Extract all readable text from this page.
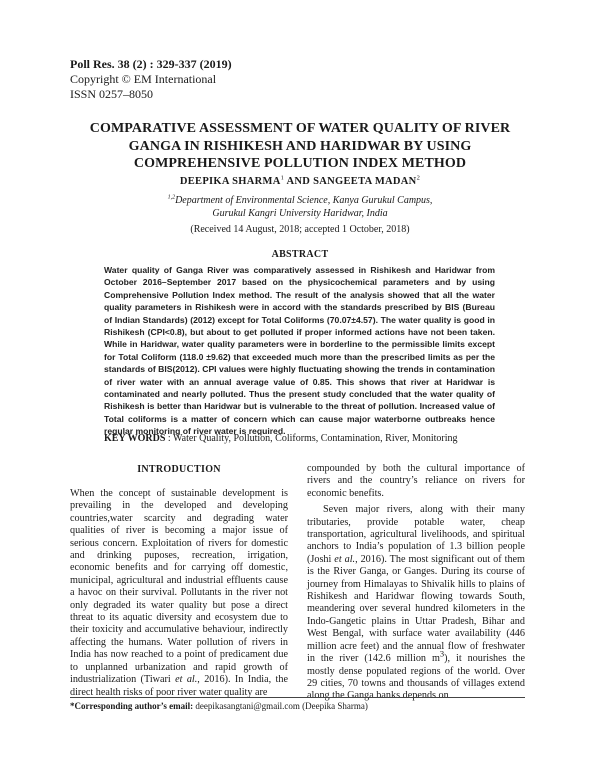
Poll Res. 38 (2) : 329-337 (2019)
Copyright © EM International
ISSN 0257–8050
COMPARATIVE ASSESSMENT OF WATER QUALITY OF RIVER
GANGA IN RISHIKESH AND HARIDWAR BY USING
COMPREHENSIVE POLLUTION INDEX METHOD
DEEPIKA SHARMA$^1$ AND SANGEETA MADAN$^2$
$^{1,2}$Department of Environmental Science, Kanya Gurukul Campus,
Gurukul Kangri University Haridwar, India
(Received 14 August, 2018; accepted 1 October, 2018)
ABSTRACT
Water quality of Ganga River was comparatively assessed in Rishikesh and Haridwar from October 2016–September 2017 based on the physicochemical parameters and by using Comprehensive Pollution Index method. The result of the analysis showed that all the water quality parameters in Rishikesh were in accord with the standards prescribed by BIS (Bureau of Indian Standards) (2012) except for Total Coliforms (70.07±4.57). The water quality is good in Rishikesh (CPI<0.8), but about to get polluted if proper informed actions have not been taken. While in Haridwar, water quality parameters were in borderline to the permissible limits except for Total Coliform (118.0 ±9.62) that exceeded much more than the prescribed limits as per the standards of BIS(2012). CPI values were highly fluctuating showing the trends in contamination of river water with an annual average value of 0.85. This shows that river at Haridwar is contaminated and nearly polluted. Thus the present study concluded that the water quality of Rishikesh is better than Haridwar but is vulnerable to the threat of pollution. Increased value of Total coliforms is a matter of concern which can cause major waterborne outbreaks hence regular monitoring of river water is required.
KEY WORDS : Water Quality, Pollution, Coliforms, Contamination, River, Monitoring
INTRODUCTION

When the concept of sustainable development is prevailing in the developed and developing countries,water scarcity and degrading water qualities of river is becoming a major issue of serious concern. Exploitation of rivers for domestic and drinking puposes, recreation, irrigation, economic benefits and for carrying off domestic, municipal, agricultural and industrial effluents cause a havoc on their survival. Pollutants in the river not only degraded its water quality but pose a direct threat to its aquatic diversity and ecosystem due to their toxicity and accumulative behaviour, indirectly affecting the humans. Water pollution of rivers in India has now reached to a point of predicament due to unplanned urbanization and rapid growth of industrialization (Tiwari et al., 2016). In India, the direct health risks of poor river water quality are

compounded by both the cultural importance of rivers and the country’s reliance on rivers for economic benefits.

Seven major rivers, along with their many tributaries, provide potable water, cheap transportation, agricultural livelihoods, and spiritual anchors to India’s population of 1.3 billion people (Joshi et al., 2016). The most significant out of them is the River Ganga, or Ganges. During its course of journey from Himalayas to Shivalik hills to plains of Rishikesh and Haridwar flowing towards South, meandering over several hundred kilometers in the Indo-Gangetic plains in Uttar Pradesh, Bihar and West Bengal, with surface water availability (446 million acre feet) and the annual flow of freshwater in the river (142.6 million $m^3$), it nourishes the mostly dense populated regions of the world. Over 29 cities, 70 towns and thousands of villages extend along the Ganga banks depends on

*Corresponding author’s email: deepikasangtani@gmail.com (Deepika Sharma)
